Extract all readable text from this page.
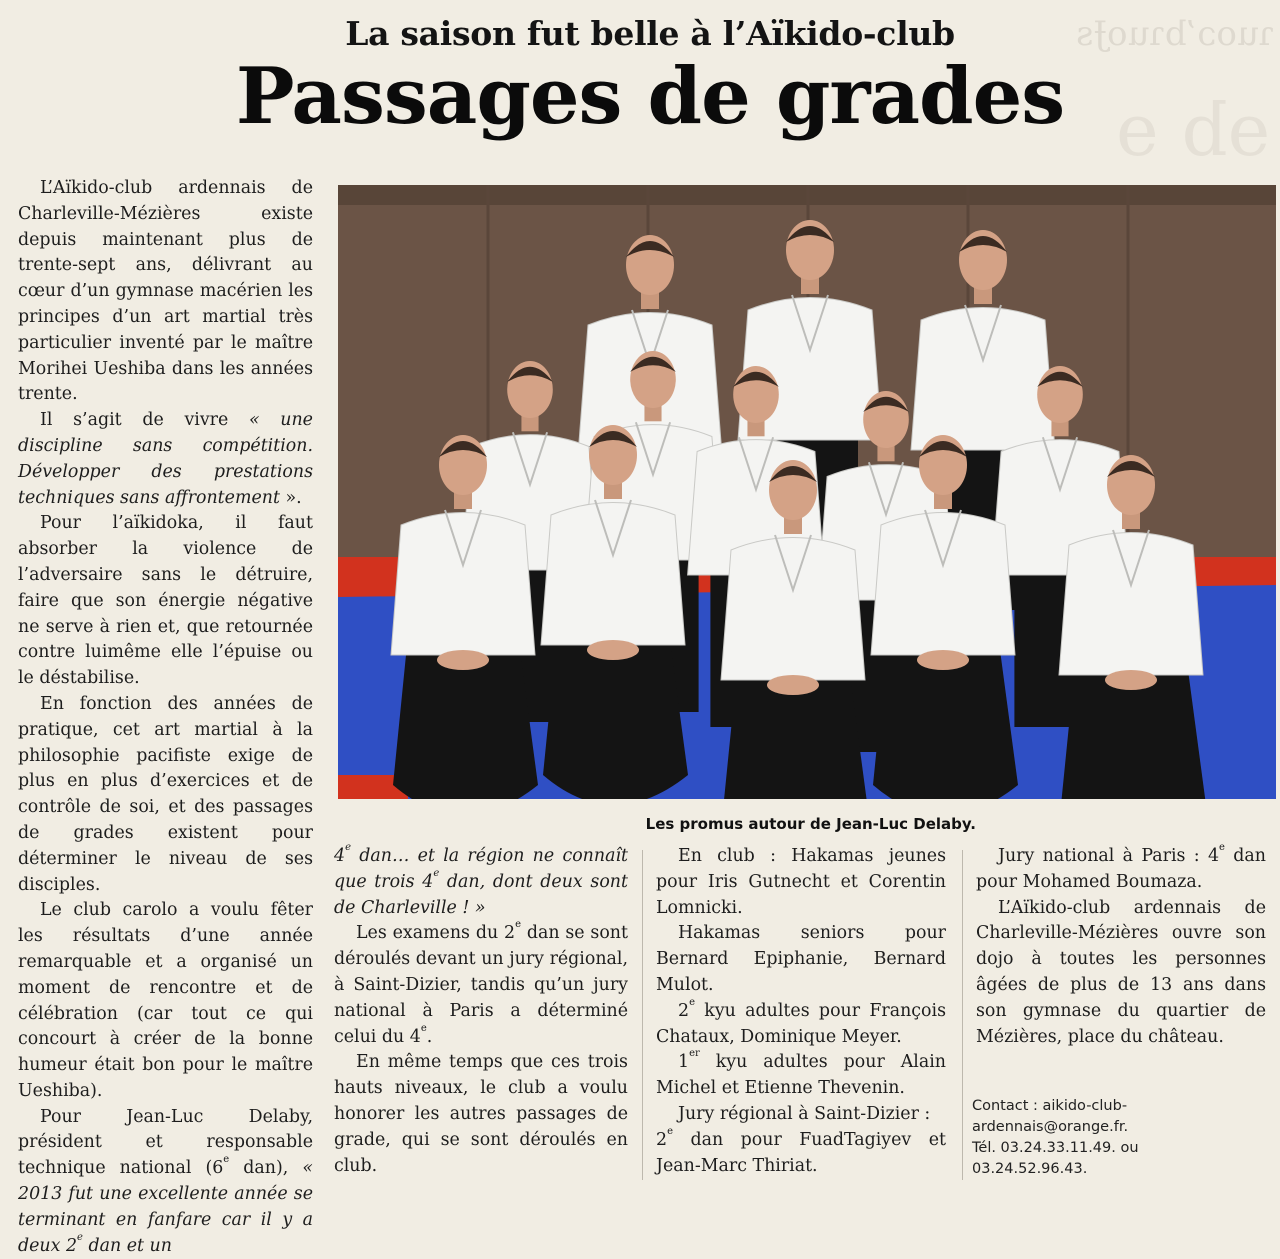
ɿuoɔʼbɿuoɈs
ɘb ɘ
La saison fut belle à l’Aïkido-club
Passages de grades

L’Aïkido-club ardennais de Charleville-Mézières existe depuis maintenant plus de trente-sept ans, délivrant au cœur d’un gymnase macérien les principes d’un art martial très particulier inventé par le maître Morihei Ueshiba dans les années trente.

Il s’agit de vivre « une discipline sans compétition. Développer des prestations techniques sans affrontement ».

Pour l’aïkidoka, il faut absorber la violence de l’adversaire sans le détruire, faire que son énergie négative ne serve à rien et, que retournée contre luimême elle l’épuise ou le déstabilise.

En fonction des années de pratique, cet art martial à la philosophie pacifiste exige de plus en plus d’exercices et de contrôle de soi, et des passages de grades existent pour déterminer le niveau de ses disciples.

Le club carolo a voulu fêter les résultats d’une année remarquable et a organisé un moment de rencontre et de célébration (car tout ce qui concourt à créer de la bonne humeur était bon pour le maître Ueshiba).

Pour Jean-Luc Delaby, président et responsable technique national (6e dan), « 2013 fut une excellente année se terminant en fanfare car il y a deux 2e dan et un

Les promus autour de Jean-Luc Delaby.

4e dan… et la région ne connaît que trois 4e dan, dont deux sont de Charleville ! »

Les examens du 2e dan se sont déroulés devant un jury régional, à Saint-Dizier, tandis qu’un jury national à Paris a déterminé celui du 4e.

En même temps que ces trois hauts niveaux, le club a voulu honorer les autres passages de grade, qui se sont déroulés en club.

En club : Hakamas jeunes pour Iris Gutnecht et Corentin Lomnicki.

Hakamas seniors pour Bernard Epiphanie, Bernard Mulot.

2e kyu adultes pour François Chataux, Dominique Meyer.

1er kyu adultes pour Alain Michel et Etienne Thevenin.

Jury régional à Saint-Dizier :

2e dan pour FuadTagiyev et Jean-Marc Thiriat.

Jury national à Paris : 4e dan pour Mohamed Boumaza.

L’Aïkido-club ardennais de Charleville-Mézières ouvre son dojo à toutes les personnes âgées de plus de 13 ans dans son gymnase du quartier de Mézières, place du château.

Contact : aikido-club-
ardennais@orange.fr.
Tél. 03.24.33.11.49. ou
03.24.52.96.43.
